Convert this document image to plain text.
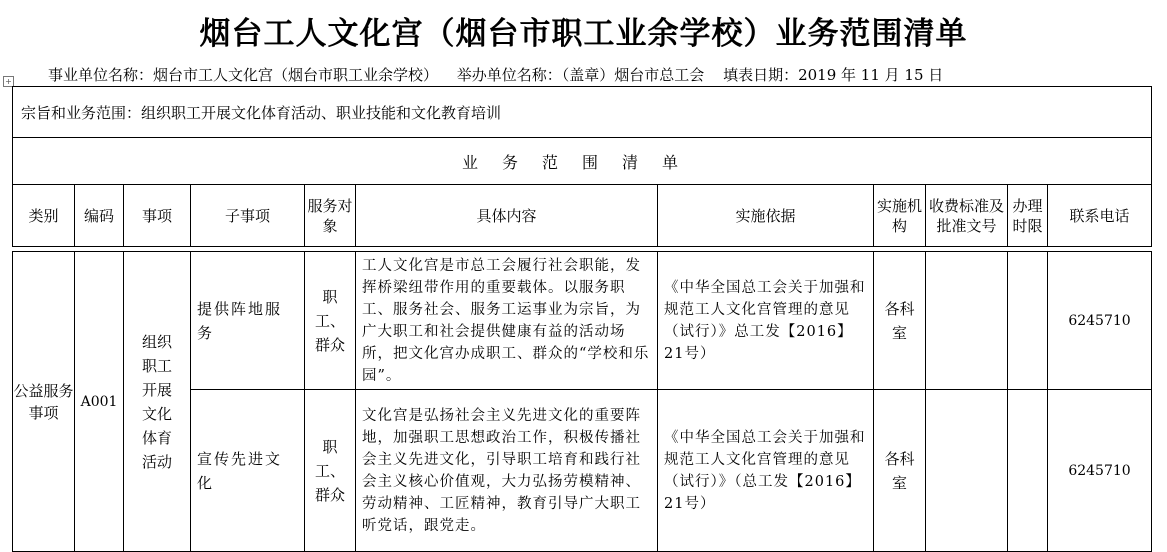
烟台工人文化宫（烟台市职工业余学校）业务范围清单
事业单位名称：烟台市工人文化宫（烟台市职工业余学校） 举办单位名称：（盖章）烟台市总工会 填表日期：2019 年 11 月 15 日
+
宗旨和业务范围：组织职工开展文化体育活动、职业技能和文化教育培训										
业务范围清单										
类别	编码	事项	子事项	服务对象	具体内容	实施依据	实施机构	收费标准及批准文号	办理时限	联系电话

公益服务事项	A001	组织职工开展文化体育活动	提供阵地服务	职工、群众	工人文化宫是市总工会履行社会职能，发挥桥梁纽带作用的重要载体。以服务职工、服务社会、服务工运事业为宗旨，为广大职工和社会提供健康有益的活动场所，把文化宫办成职工、群众的“学校和乐园”。	《中华全国总工会关于加强和规范工人文化宫管理的意见（试行）》总工发【2016】21号）	各科室			6245710
			宣传先进文化	职工、群众	文化宫是弘扬社会主义先进文化的重要阵地，加强职工思想政治工作，积极传播社会主义先进文化，引导职工培育和践行社会主义核心价值观，大力弘扬劳模精神、劳动精神、工匠精神，教育引导广大职工听党话，跟党走。	《中华全国总工会关于加强和规范工人文化宫管理的意见（试行）》（总工发【2016】21号）	各科室			6245710
